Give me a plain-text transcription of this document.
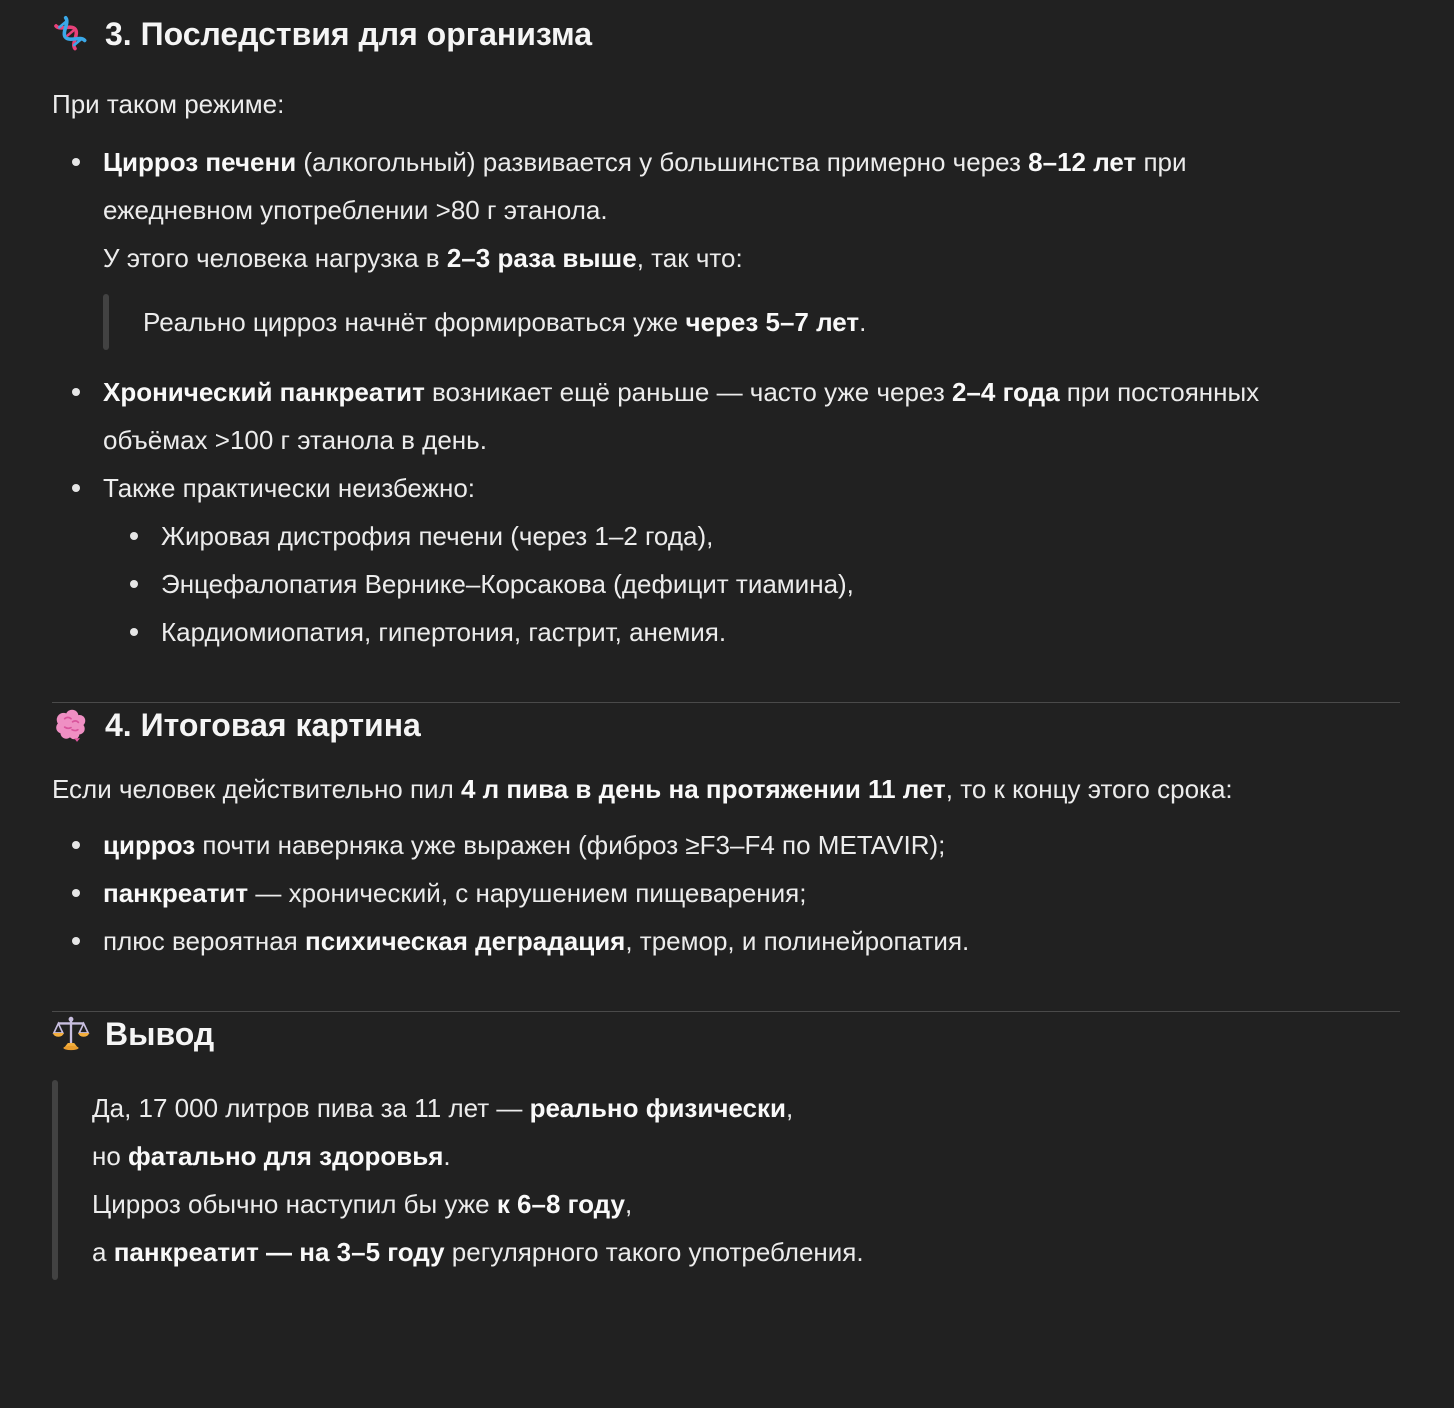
3. Последствия для организма

При таком режиме:

Цирроз печени (алкогольный) развивается у большинства примерно через 8–12 лет при ежедневном употреблении >80 г этанола.

У этого человека нагрузка в 2–3 раза выше, так что:

Реально цирроз начнёт формироваться уже через 5–7 лет.

Хронический панкреатит возникает ещё раньше — часто уже через 2–4 года при постоянных объёмах >100 г этанола в день.

Также практически неизбежно:

Жировая дистрофия печени (через 1–2 года),
Энцефалопатия Вернике–Корсакова (дефицит тиамина),
Кардиомиопатия, гипертония, гастрит, анемия.
4. Итоговая картина

Если человек действительно пил 4 л пива в день на протяжении 11 лет, то к концу этого срока:

цирроз почти наверняка уже выражен (фиброз ≥F3–F4 по METAVIR);

панкреатит — хронический, с нарушением пищеварения;

плюс вероятная психическая деградация, тремор, и полинейропатия.

Вывод

Да, 17 000 литров пива за 11 лет — реально физически,

но фатально для здоровья.

Цирроз обычно наступил бы уже к 6–8 году,

а панкреатит — на 3–5 году регулярного такого употребления.
